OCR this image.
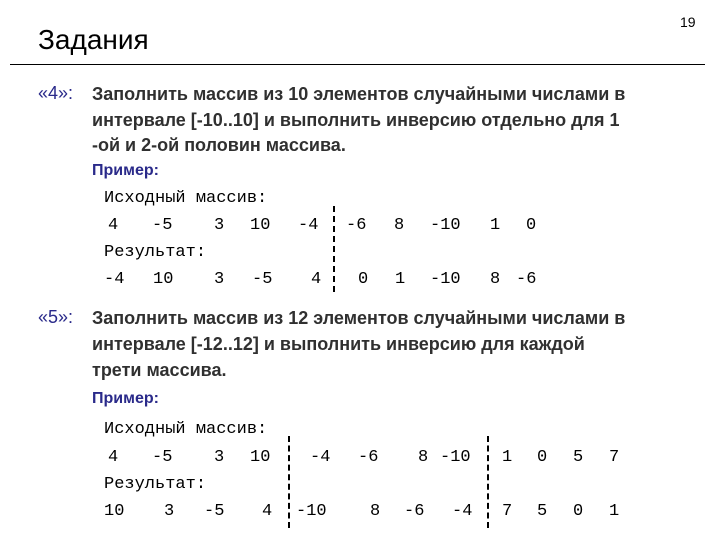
Задания
19
«4»: Заполнить массив из 10 элементов случайными числами в
интервале [-10..10] и выполнить инверсию отдельно для 1
-ой и 2-ой половин массива.
Пример:
Исходный массив:
Результат:
4 -5 3 10 -4 -6 8 -10 1 0
-4 10 3 -5 4 0 1 -10 8 -6
«5»: Заполнить массив из 12 элементов случайными числами в
интервале [-12..12] и выполнить инверсию для каждой
трети массива.
Пример:
Исходный массив:
Результат:
4 -5 3 10 -4 -6 8 -10 1 0 5 7
10 3 -5 4 -10	8 -6 -4 7 5 0 1
